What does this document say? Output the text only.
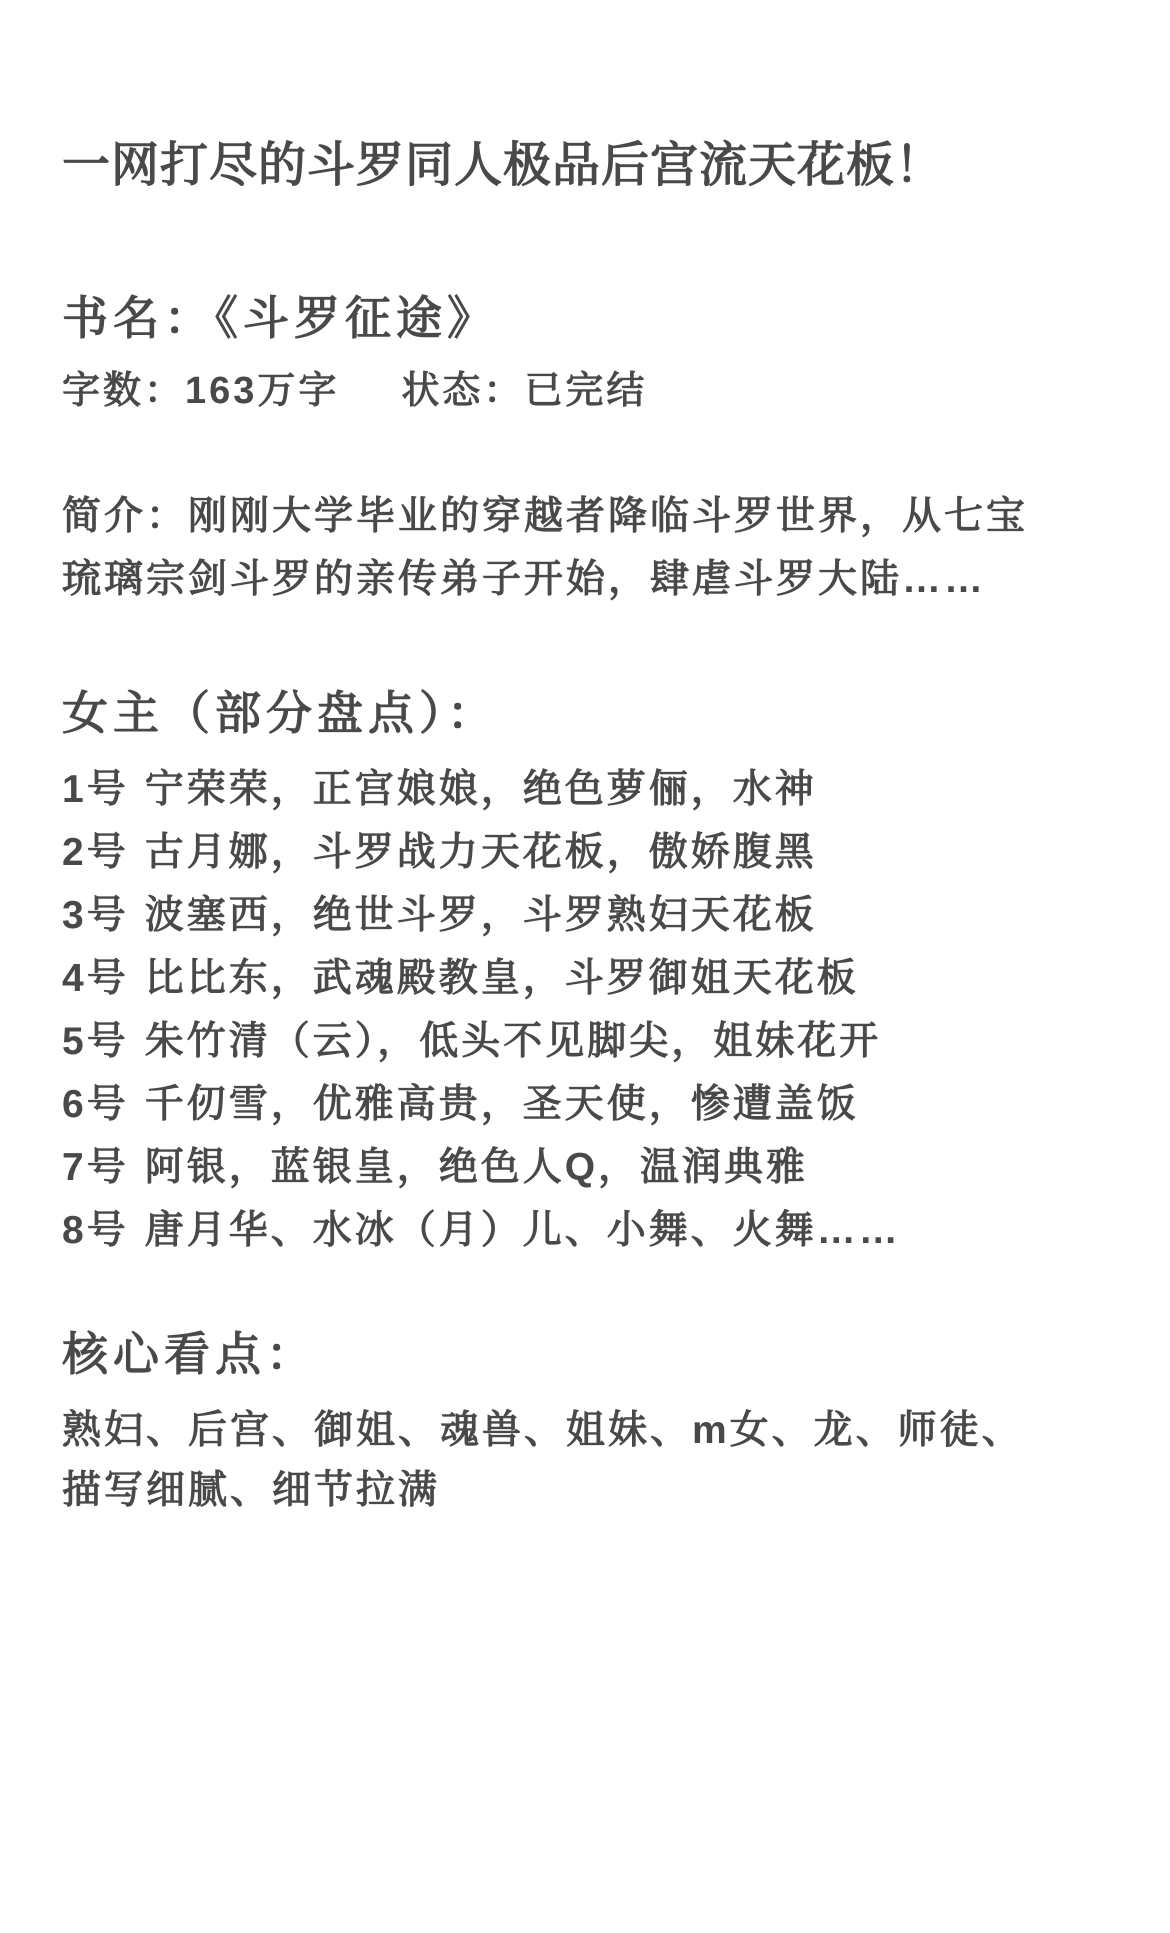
一网打尽的斗罗同人极品后宫流天花板！
书名：《斗罗征途》
字数：163万字 状态：已完结

简介：刚刚大学毕业的穿越者降临斗罗世界，从七宝琉璃宗剑斗罗的亲传弟子开始，肆虐斗罗大陆……

女主（部分盘点）：
1号 宁荣荣，正宫娘娘，绝色萝俪，水神
2号 古月娜，斗罗战力天花板，傲娇腹黑
3号 波塞西，绝世斗罗，斗罗熟妇天花板
4号 比比东，武魂殿教皇，斗罗御姐天花板
5号 朱竹清（云），低头不见脚尖，姐妹花开
6号 千仞雪，优雅高贵，圣天使，惨遭盖饭
7号 阿银，蓝银皇，绝色人Q，温润典雅
8号 唐月华、水冰（月）儿、小舞、火舞……
核心看点：

熟妇、后宫、御姐、魂兽、姐妹、m女、龙、师徒、描写细腻、细节拉满
